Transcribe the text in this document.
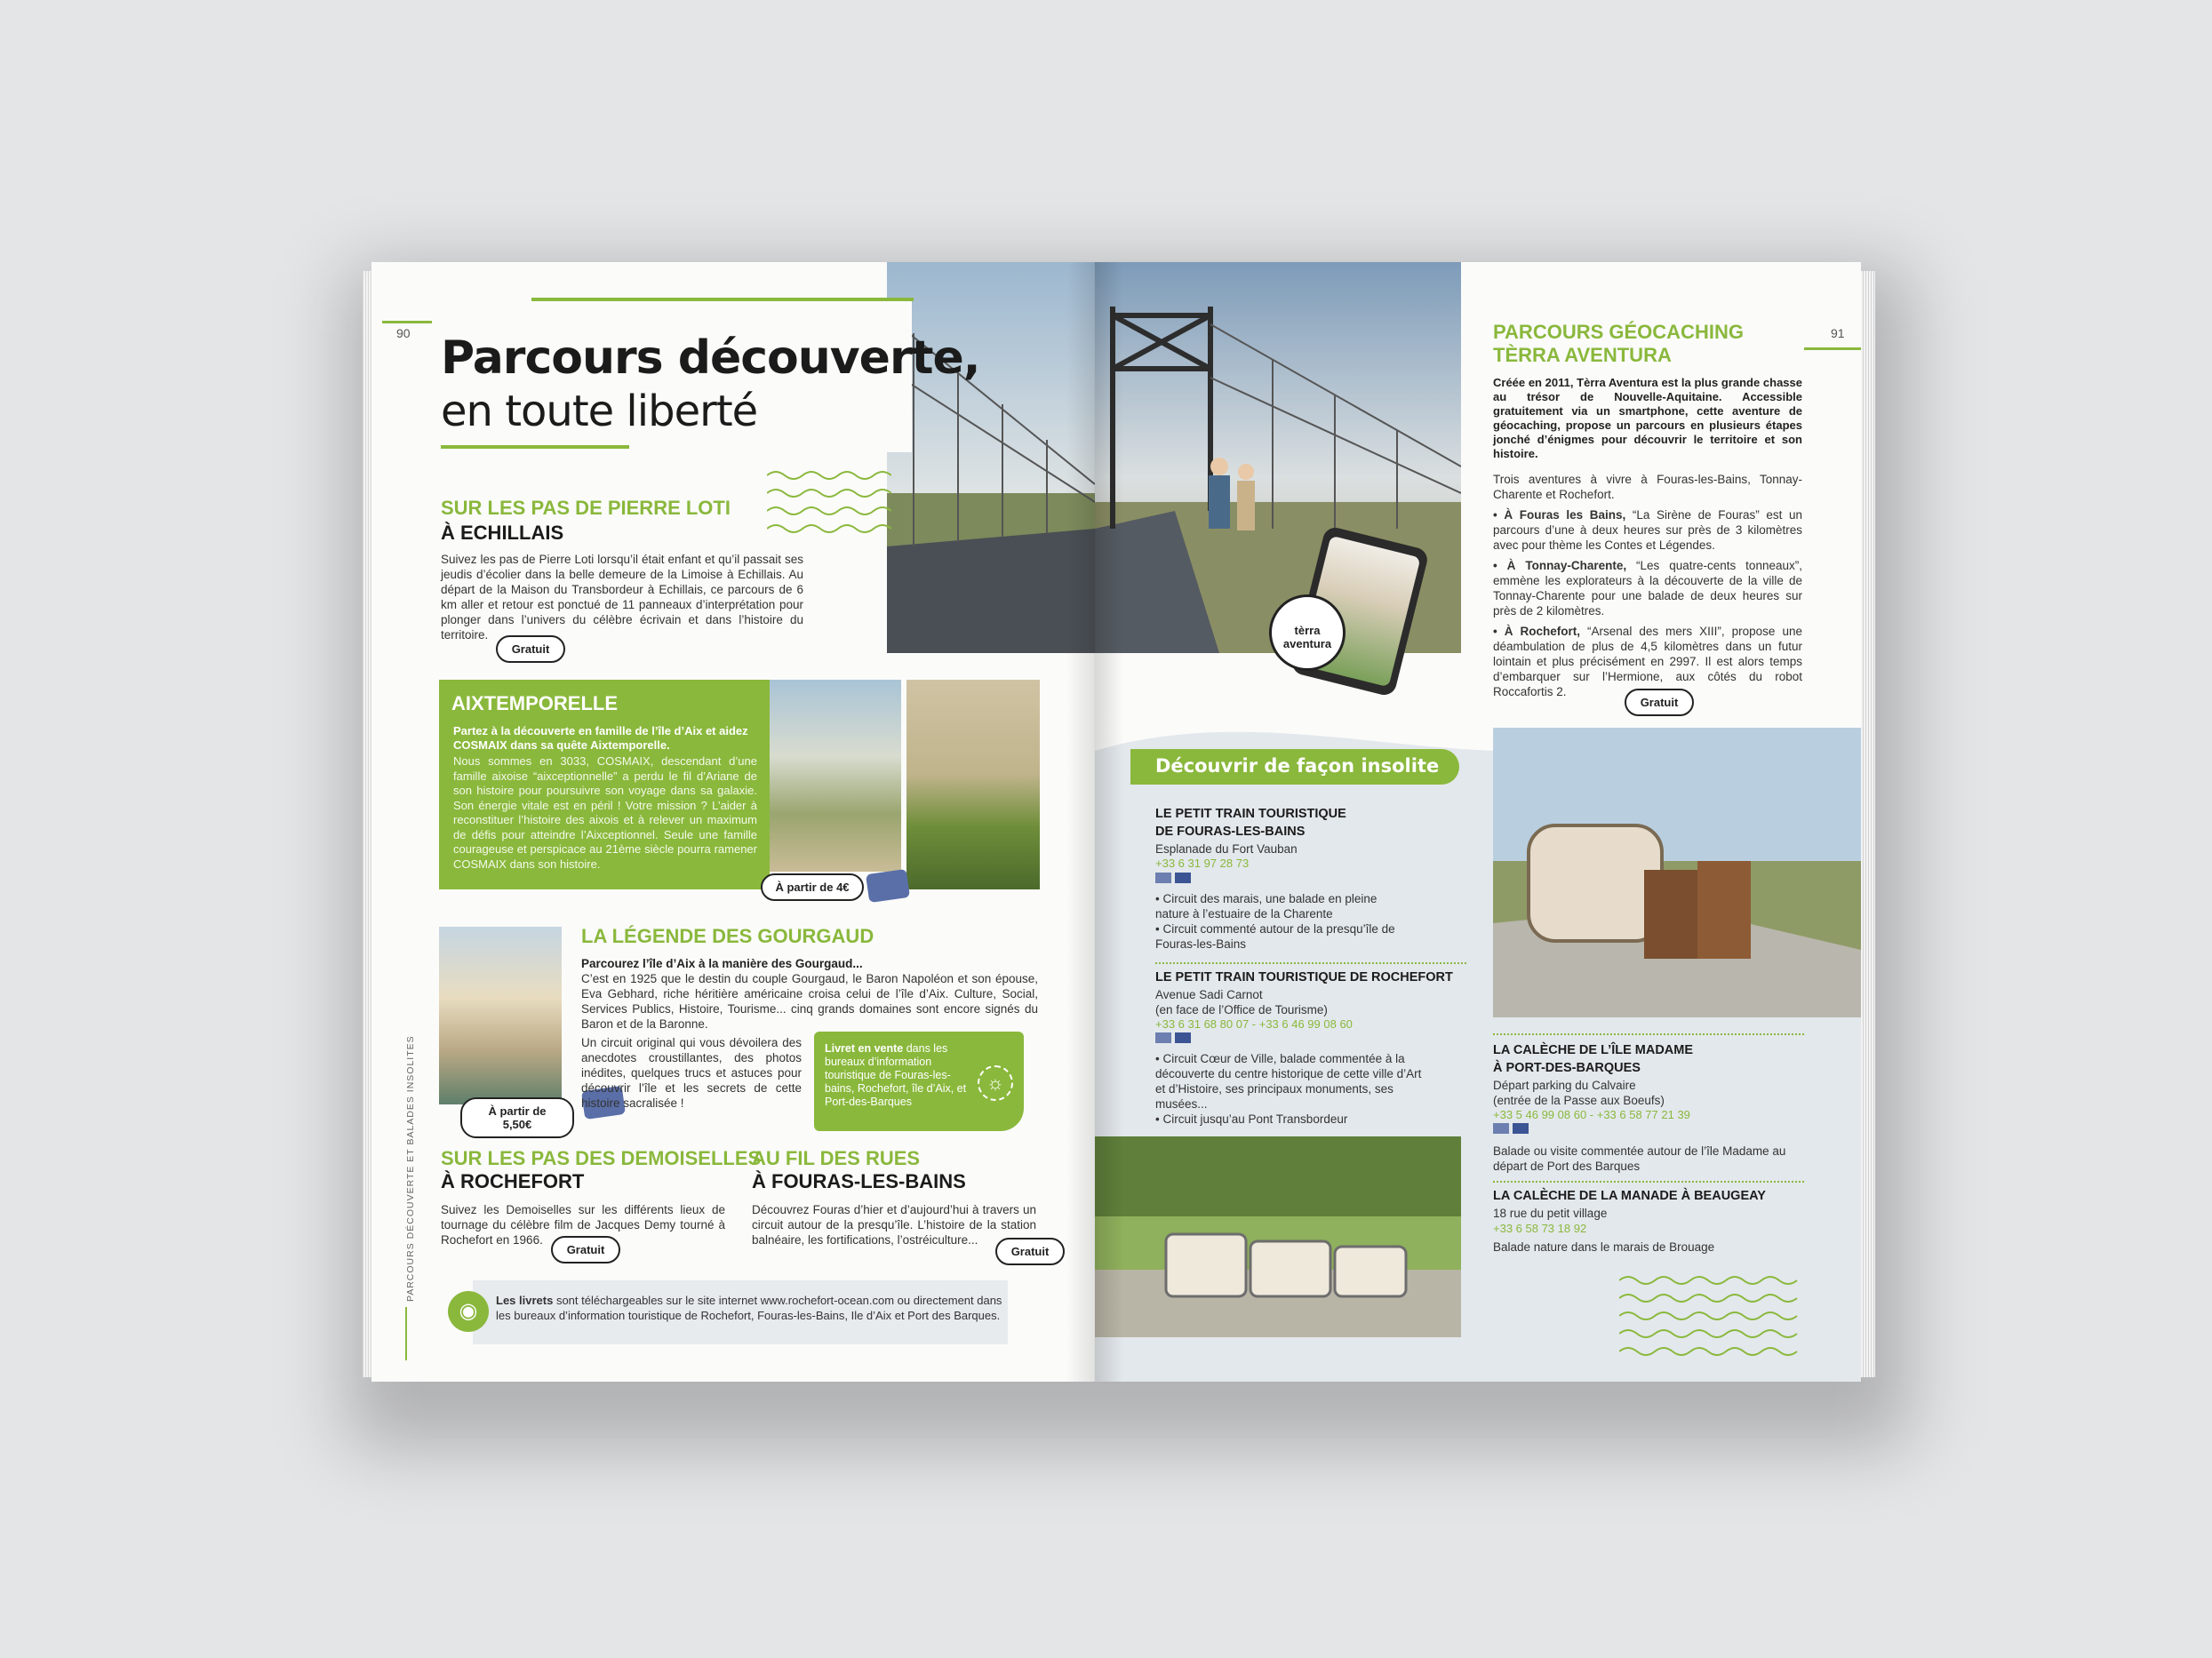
90 Parcours découverte,
en toute liberté
SUR LES PAS DE PIERRE LOTI
À ECHILLAIS
Suivez les pas de Pierre Loti lorsqu’il était enfant et qu’il passait ses jeudis d’écolier dans la belle demeure de la Limoise à Echillais. Au départ de la Maison du Transbordeur à Echillais, ce parcours de 6 km aller et retour est ponctué de 11 panneaux d’interprétation pour plonger dans l’univers du célèbre écrivain et dans l’histoire du territoire.
Gratuit
AIXTEMPORELLE
Partez à la découverte en famille de l’île d’Aix et aidez COSMAIX dans sa quête Aixtemporelle.
Nous sommes en 3033, COSMAIX, descendant d’une famille aixoise “aixceptionnelle” a perdu le fil d’Ariane de son histoire pour poursuivre son voyage dans sa galaxie. Son énergie vitale est en péril ! Votre mission ? L’aider à reconstituer l’histoire des aixois et à relever un maximum de défis pour atteindre l’Aixceptionnel. Seule une famille courageuse et perspicace au 21ème siècle pourra ramener COSMAIX dans son histoire.
À partir de 4€
À partir de 5,50€
LA LÉGENDE DES GOURGAUD
Parcourez l’île d’Aix à la manière des Gourgaud...
C’est en 1925 que le destin du couple Gourgaud, le Baron Napoléon et son épouse, Eva Gebhard, riche héritière américaine croisa celui de l’île d’Aix. Culture, Social, Services Publics, Histoire, Tourisme... cinq grands domaines sont encore signés du Baron et de la Baronne.
Un circuit original qui vous dévoilera des anecdotes croustillantes, des photos inédites, quelques trucs et astuces pour découvrir l’île et les secrets de cette histoire sacralisée !
Livret en vente dans les bureaux d’information touristique de Fouras-les-bains, Rochefort, île d’Aix, et Port-des-Barques
☼
SUR LES PAS DES DEMOISELLES
À ROCHEFORT
Suivez les Demoiselles sur les différents lieux de tournage du célèbre film de Jacques Demy tourné à Rochefort en 1966.
Gratuit
AU FIL DES RUES
À FOURAS-LES-BAINS
Découvrez Fouras d’hier et d’aujourd’hui à travers un circuit autour de la presqu’île. L’histoire de la station balnéaire, les fortifications, l’ostréiculture...
Gratuit
◉	Les livrets sont téléchargeables sur le site internet www.rochefort-ocean.com ou directement dans les bureaux d’information touristique de Rochefort, Fouras-les-Bains, Ile d’Aix et Port des Barques.
PARCOURS DÉCOUVERTE ET BALADES INSOLITES
tèrra aventura
91
PARCOURS GÉOCACHING
TÈRRA AVENTURA
Créée en 2011, Tèrra Aventura est la plus grande chasse au trésor de Nouvelle-Aquitaine. Accessible gratuitement via un smartphone, cette aventure de géocaching, propose un parcours en plusieurs étapes jonché d’énigmes pour découvrir le territoire et son histoire.
Trois aventures à vivre à Fouras-les-Bains, Tonnay-Charente et Rochefort.
• À Fouras les Bains, “La Sirène de Fouras” est un parcours d’une à deux heures sur près de 3 kilomètres avec pour thème les Contes et Légendes.
• À Tonnay-Charente, “Les quatre-cents tonneaux”, emmène les explorateurs à la découverte de la ville de Tonnay-Charente pour une balade de deux heures sur près de 2 kilomètres.
• À Rochefort, “Arsenal des mers XIII”, propose une déambulation de plus de 4,5 kilomètres dans un futur lointain et plus précisément en 2997. Il est alors temps d’embarquer sur l’Hermione, aux côtés du robot Roccafortis 2.
Gratuit
Découvrir de façon insolite
LE PETIT TRAIN TOURISTIQUE
DE FOURAS-LES-BAINS
Esplanade du Fort Vauban
+33 6 31 97 28 73
• Circuit des marais, une balade en pleine nature à l’estuaire de la Charente
• Circuit commenté autour de la presqu’île de Fouras-les-Bains
LE PETIT TRAIN TOURISTIQUE DE ROCHEFORT
Avenue Sadi Carnot
(en face de l’Office de Tourisme)
+33 6 31 68 80 07 - +33 6 46 99 08 60
• Circuit Cœur de Ville, balade commentée à la découverte du centre historique de cette ville d’Art et d’Histoire, ses principaux monuments, ses musées...
• Circuit jusqu’au Pont Transbordeur
LA CALÈCHE DE L’ÎLE MADAME
À PORT-DES-BARQUES
Départ parking du Calvaire
(entrée de la Passe aux Boeufs)
+33 5 46 99 08 60 - +33 6 58 77 21 39
Balade ou visite commentée autour de l’île Madame au départ de Port des Barques
LA CALÈCHE DE LA MANADE À BEAUGEAY
18 rue du petit village
+33 6 58 73 18 92
Balade nature dans le marais de Brouage
